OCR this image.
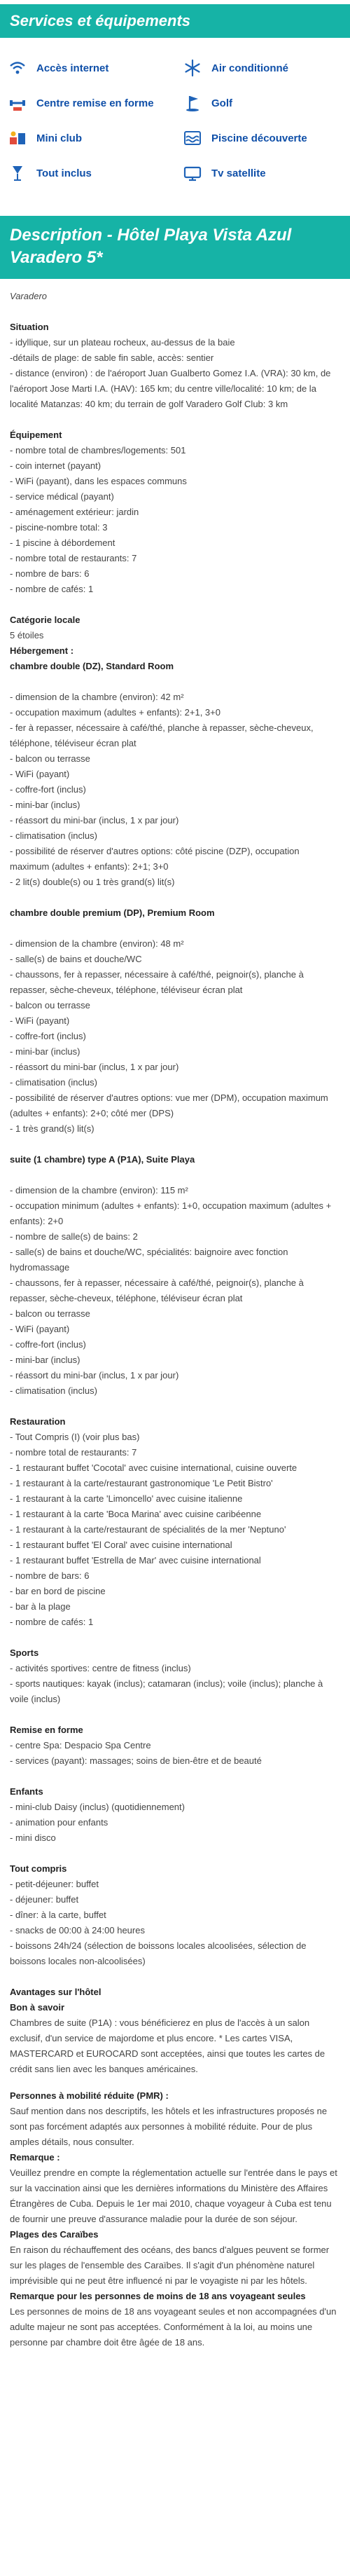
Services et équipements
Accès internet	Air conditionné
Centre remise en forme	Golf
Mini club	Piscine découverte
Tout inclus	Tv satellite
Description - Hôtel Playa Vista Azul Varadero 5*

Varadero

Situation

- idyllique, sur un plateau rocheux, au-dessus de la baie

-détails de plage: de sable fin sable, accès: sentier

- distance (environ) : de l'aéroport Juan Gualberto Gomez I.A. (VRA): 30 km, de l'aéroport Jose Marti I.A. (HAV): 165 km; du centre ville/localité: 10 km; de la localité Matanzas: 40 km; du terrain de golf Varadero Golf Club: 3 km

Équipement

- nombre total de chambres/logements: 501

- coin internet (payant)

- WiFi (payant), dans les espaces communs

- service médical (payant)

- aménagement extérieur: jardin

- piscine-nombre total: 3

- 1 piscine à débordement

- nombre total de restaurants: 7

- nombre de bars: 6

- nombre de cafés: 1

Catégorie locale

5 étoiles

Hébergement :

chambre double (DZ), Standard Room

- dimension de la chambre (environ): 42 m²

- occupation maximum (adultes + enfants): 2+1, 3+0

- fer à repasser, nécessaire à café/thé, planche à repasser, sèche-cheveux, téléphone, téléviseur écran plat

- balcon ou terrasse

- WiFi (payant)

- coffre-fort (inclus)

- mini-bar (inclus)

- réassort du mini-bar (inclus, 1 x par jour)

- climatisation (inclus)

- possibilité de réserver d'autres options: côté piscine (DZP), occupation maximum (adultes + enfants): 2+1; 3+0

- 2 lit(s) double(s) ou 1 très grand(s) lit(s)

chambre double premium (DP), Premium Room

- dimension de la chambre (environ): 48 m²

- salle(s) de bains et douche/WC

- chaussons, fer à repasser, nécessaire à café/thé, peignoir(s), planche à repasser, sèche-cheveux, téléphone, téléviseur écran plat

- balcon ou terrasse

- WiFi (payant)

- coffre-fort (inclus)

- mini-bar (inclus)

- réassort du mini-bar (inclus, 1 x par jour)

- climatisation (inclus)

- possibilité de réserver d'autres options: vue mer (DPM), occupation maximum (adultes + enfants): 2+0; côté mer (DPS)

- 1 très grand(s) lit(s)

suite (1 chambre) type A (P1A), Suite Playa

- dimension de la chambre (environ): 115 m²

- occupation minimum (adultes + enfants): 1+0, occupation maximum (adultes + enfants): 2+0

- nombre de salle(s) de bains: 2

- salle(s) de bains et douche/WC, spécialités: baignoire avec fonction hydromassage

- chaussons, fer à repasser, nécessaire à café/thé, peignoir(s), planche à repasser, sèche-cheveux, téléphone, téléviseur écran plat

- balcon ou terrasse

- WiFi (payant)

- coffre-fort (inclus)

- mini-bar (inclus)

- réassort du mini-bar (inclus, 1 x par jour)

- climatisation (inclus)

Restauration

- Tout Compris (I) (voir plus bas)

- nombre total de restaurants: 7

- 1 restaurant buffet 'Cocotal' avec cuisine international, cuisine ouverte

- 1 restaurant à la carte/restaurant gastronomique 'Le Petit Bistro'

- 1 restaurant à la carte 'Limoncello' avec cuisine italienne

- 1 restaurant à la carte 'Boca Marina' avec cuisine caribéenne

- 1 restaurant à la carte/restaurant de spécialités de la mer 'Neptuno'

- 1 restaurant buffet 'El Coral' avec cuisine international

- 1 restaurant buffet 'Estrella de Mar' avec cuisine international

- nombre de bars: 6

- bar en bord de piscine

- bar à la plage

- nombre de cafés: 1

Sports

- activités sportives: centre de fitness (inclus)

- sports nautiques: kayak (inclus); catamaran (inclus); voile (inclus); planche à voile (inclus)

Remise en forme

- centre Spa: Despacio Spa Centre

- services (payant): massages; soins de bien-être et de beauté

Enfants

- mini-club Daisy (inclus) (quotidiennement)

- animation pour enfants

- mini disco

Tout compris

- petit-déjeuner: buffet

- déjeuner: buffet

- dîner: à la carte, buffet

- snacks de 00:00 à 24:00 heures

- boissons 24h/24 (sélection de boissons locales alcoolisées, sélection de boissons locales non-alcoolisées)

Avantages sur l'hôtel

Bon à savoir

Chambres de suite (P1A) : vous bénéficierez en plus de l'accès à un salon exclusif, d'un service de majordome et plus encore. * Les cartes VISA, MASTERCARD et EUROCARD sont acceptées, ainsi que toutes les cartes de crédit sans lien avec les banques américaines.

Personnes à mobilité réduite (PMR) :

Sauf mention dans nos descriptifs, les hôtels et les infrastructures proposés ne sont pas forcément adaptés aux personnes à mobilité réduite. Pour de plus amples détails, nous consulter.

Remarque :

Veuillez prendre en compte la réglementation actuelle sur l'entrée dans le pays et sur la vaccination ainsi que les dernières informations du Ministère des Affaires Étrangères de Cuba. Depuis le 1er mai 2010, chaque voyageur à Cuba est tenu de fournir une preuve d'assurance maladie pour la durée de son séjour.

Plages des Caraïbes

En raison du réchauffement des océans, des bancs d'algues peuvent se former sur les plages de l'ensemble des Caraïbes. Il s'agit d'un phénomène naturel imprévisible qui ne peut être influencé ni par le voyagiste ni par les hôtels.

Remarque pour les personnes de moins de 18 ans voyageant seules

Les personnes de moins de 18 ans voyageant seules et non accompagnées d'un adulte majeur ne sont pas acceptées. Conformément à la loi, au moins une personne par chambre doit être âgée de 18 ans.
